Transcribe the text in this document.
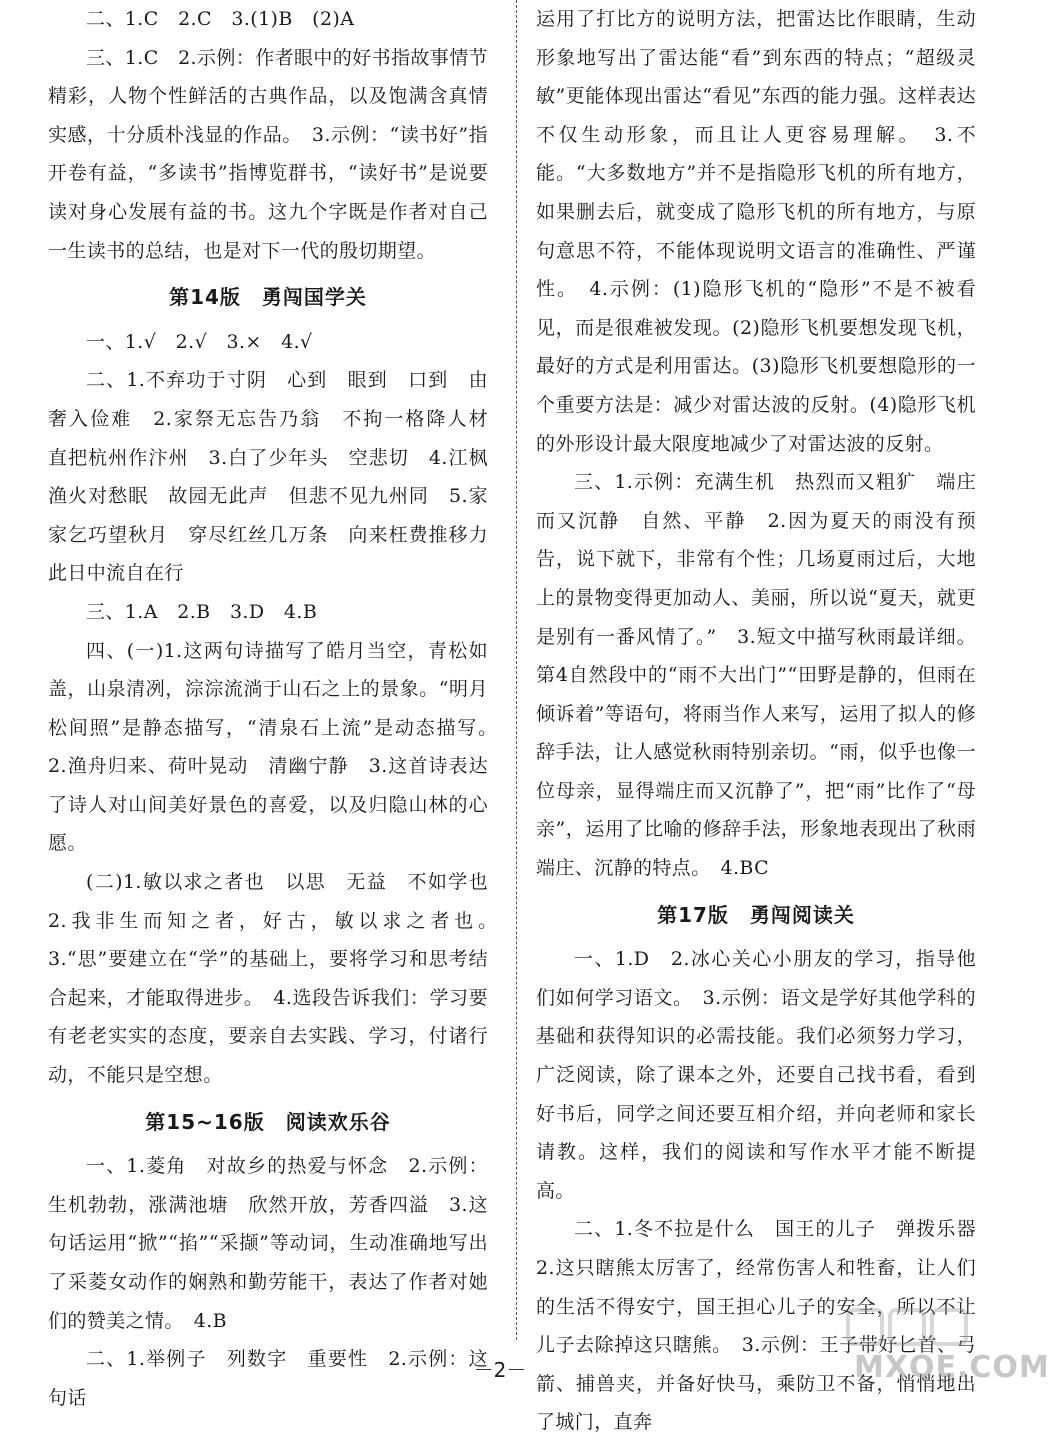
二、1.C　2.C　3.(1)B　(2)A

三、1.C　2.示例：作者眼中的好书指故事情节精彩，人物个性鲜活的古典作品，以及饱满含真情实感，十分质朴浅显的作品。　3.示例：“读书好”指开卷有益，“多读书”指博览群书，“读好书”是说要读对身心发展有益的书。这九个字既是作者对自己一生读书的总结，也是对下一代的殷切期望。

第14版　勇闯国学关

一、1.√　2.√　3.×　4.√

二、1.不弃功于寸阴　心到　眼到　口到　由奢入俭难　2.家祭无忘告乃翁　不拘一格降人材　直把杭州作汴州　3.白了少年头　空悲切　4.江枫渔火对愁眠　故园无此声　但悲不见九州同　5.家家乞巧望秋月　穿尽红丝几万条　向来枉费推移力　此日中流自在行

三、1.A　2.B　3.D　4.B

四、(一)1.这两句诗描写了皓月当空，青松如盖，山泉清冽，淙淙流淌于山石之上的景象。“明月松间照”是静态描写，“清泉石上流”是动态描写。　2.渔舟归来、荷叶晃动　清幽宁静　3.这首诗表达了诗人对山间美好景色的喜爱，以及归隐山林的心愿。

(二)1.敏以求之者也　以思　无益　不如学也　2.我非生而知之者，好古，敏以求之者也。　3.“思”要建立在“学”的基础上，要将学习和思考结合起来，才能取得进步。　4.选段告诉我们：学习要有老老实实的态度，要亲自去实践、学习，付诸行动，不能只是空想。

第15~16版　阅读欢乐谷

一、1.菱角　对故乡的热爱与怀念　2.示例：生机勃勃，涨满池塘　欣然开放，芳香四溢　3.这句话运用“掀”“掐”“采撷”等动词，生动准确地写出了采菱女动作的娴熟和勤劳能干，表达了作者对她们的赞美之情。　4.B

二、1.举例子　列数字　重要性　2.示例：这句话

运用了打比方的说明方法，把雷达比作眼睛，生动形象地写出了雷达能“看”到东西的特点；“超级灵敏”更能体现出雷达“看见”东西的能力强。这样表达不仅生动形象，而且让人更容易理解。　3.不能。“大多数地方”并不是指隐形飞机的所有地方，如果删去后，就变成了隐形飞机的所有地方，与原句意思不符，不能体现说明文语言的准确性、严谨性。　4.示例：(1)隐形飞机的“隐形”不是不被看见，而是很难被发现。(2)隐形飞机要想发现飞机，最好的方式是利用雷达。(3)隐形飞机要想隐形的一个重要方法是：减少对雷达波的反射。(4)隐形飞机的外形设计最大限度地减少了对雷达波的反射。

三、1.示例：充满生机　热烈而又粗犷　端庄而又沉静　自然、平静　2.因为夏天的雨没有预告，说下就下，非常有个性；几场夏雨过后，大地上的景物变得更加动人、美丽，所以说“夏天，就更是别有一番风情了。”　3.短文中描写秋雨最详细。第4自然段中的“雨不大出门”“田野是静的，但雨在倾诉着”等语句，将雨当作人来写，运用了拟人的修辞手法，让人感觉秋雨特别亲切。“雨，似乎也像一位母亲，显得端庄而又沉静了”，把“雨”比作了“母亲”，运用了比喻的修辞手法，形象地表现出了秋雨端庄、沉静的特点。　4.BC

第17版　勇闯阅读关

一、1.D　2.冰心关心小朋友的学习，指导他们如何学习语文。　3.示例：语文是学好其他学科的基础和获得知识的必需技能。我们必须努力学习，广泛阅读，除了课本之外，还要自己找书看，看到好书后，同学之间还要互相介绍，并向老师和家长请教。这样，我们的阅读和写作水平才能不断提高。

二、1.冬不拉是什么　国王的儿子　弹拨乐器　2.这只瞎熊太厉害了，经常伤害人和牲畜，让人们的生活不得安宁，国王担心儿子的安全，所以不让儿子去除掉这只瞎熊。　3.示例：王子带好匕首、弓箭、捕兽夹，并备好快马，乘防卫不备，悄悄地出了城门，直奔

－2－	MXQE.COM
